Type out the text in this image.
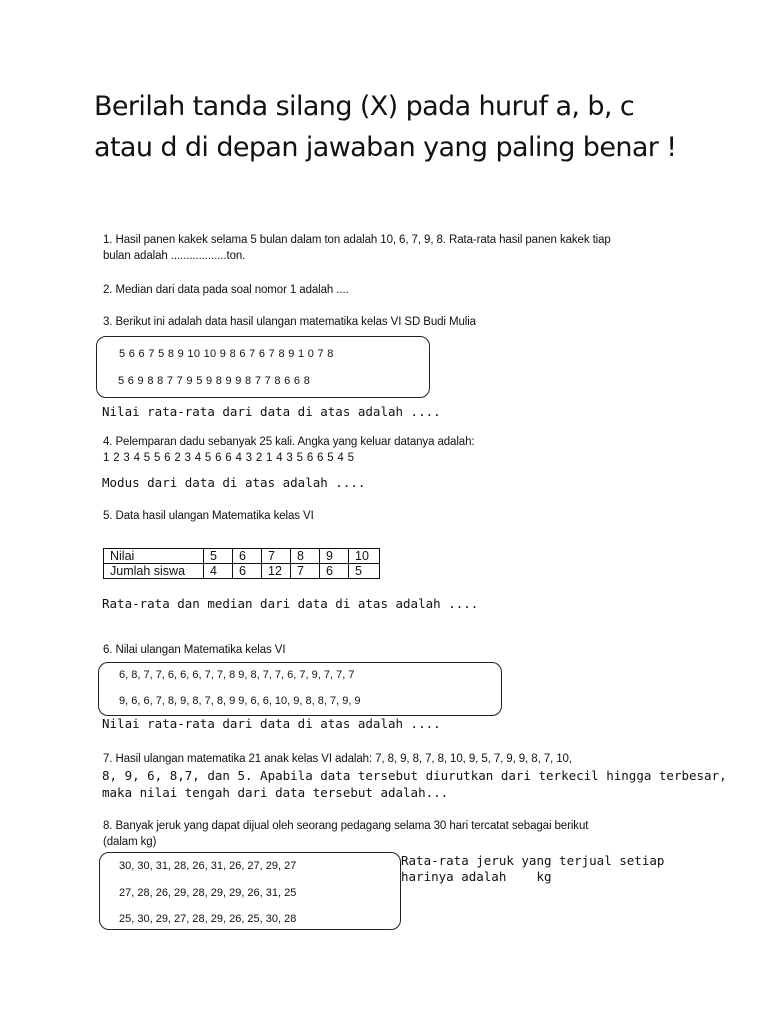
Berilah tanda silang (X) pada huruf a, b, c atau d di depan jawaban yang paling benar !
1. Hasil panen kakek selama 5 bulan dalam ton adalah 10, 6, 7, 9, 8. Rata-rata hasil panen kakek tiap
bulan adalah ..................ton.
2. Median dari data pada soal nomor 1 adalah ....
3. Berikut ini adalah data hasil ulangan matematika kelas VI SD Budi Mulia
5 6 6 7 5 8 9 10 10 9 8 6 7 6 7 8 9 1 0 7 8
5 6 9 8 8 7 7 9 5 9 8 9 9 8 7 7 8 6 6 8
Nilai rata-rata dari data di atas adalah ....
4. Pelemparan dadu sebanyak 25 kali. Angka yang keluar datanya adalah:
1 2 3 4 5 5 6 2 3 4 5 6 6 4 3 2 1 4 3 5 6 6 5 4 5
Modus dari data di atas adalah ....
5. Data hasil ulangan Matematika kelas VI
Nilai	5	6	7	8	9	10
Jumlah siswa	4	6	12	7	6	5
Rata-rata dan median dari data di atas adalah ....
6. Nilai ulangan Matematika kelas VI
6, 8, 7, 7, 6, 6, 6, 7, 7, 8 9, 8, 7, 7, 6, 7, 9, 7, 7, 7
9, 6, 6, 7, 8, 9, 8, 7, 8, 9 9, 6, 6, 10, 9, 8, 8, 7, 9, 9
Nilai rata-rata dari data di atas adalah ....
7. Hasil ulangan matematika 21 anak kelas VI adalah: 7, 8, 9, 8, 7, 8, 10, 9, 5, 7, 9, 9, 8, 7, 10,
8, 9, 6, 8,7, dan 5. Apabila data tersebut diurutkan dari terkecil hingga terbesar,
maka nilai tengah dari data tersebut adalah...
8. Banyak jeruk yang dapat dijual oleh seorang pedagang selama 30 hari tercatat sebagai berikut
(dalam kg)
30, 30, 31, 28, 26, 31, 26, 27, 29, 27
27, 28, 26, 29, 28, 29, 29, 26, 31, 25
25, 30, 29, 27, 28, 29, 26, 25, 30, 28
Rata-rata jeruk yang terjual setiap
harinya adalah    kg
